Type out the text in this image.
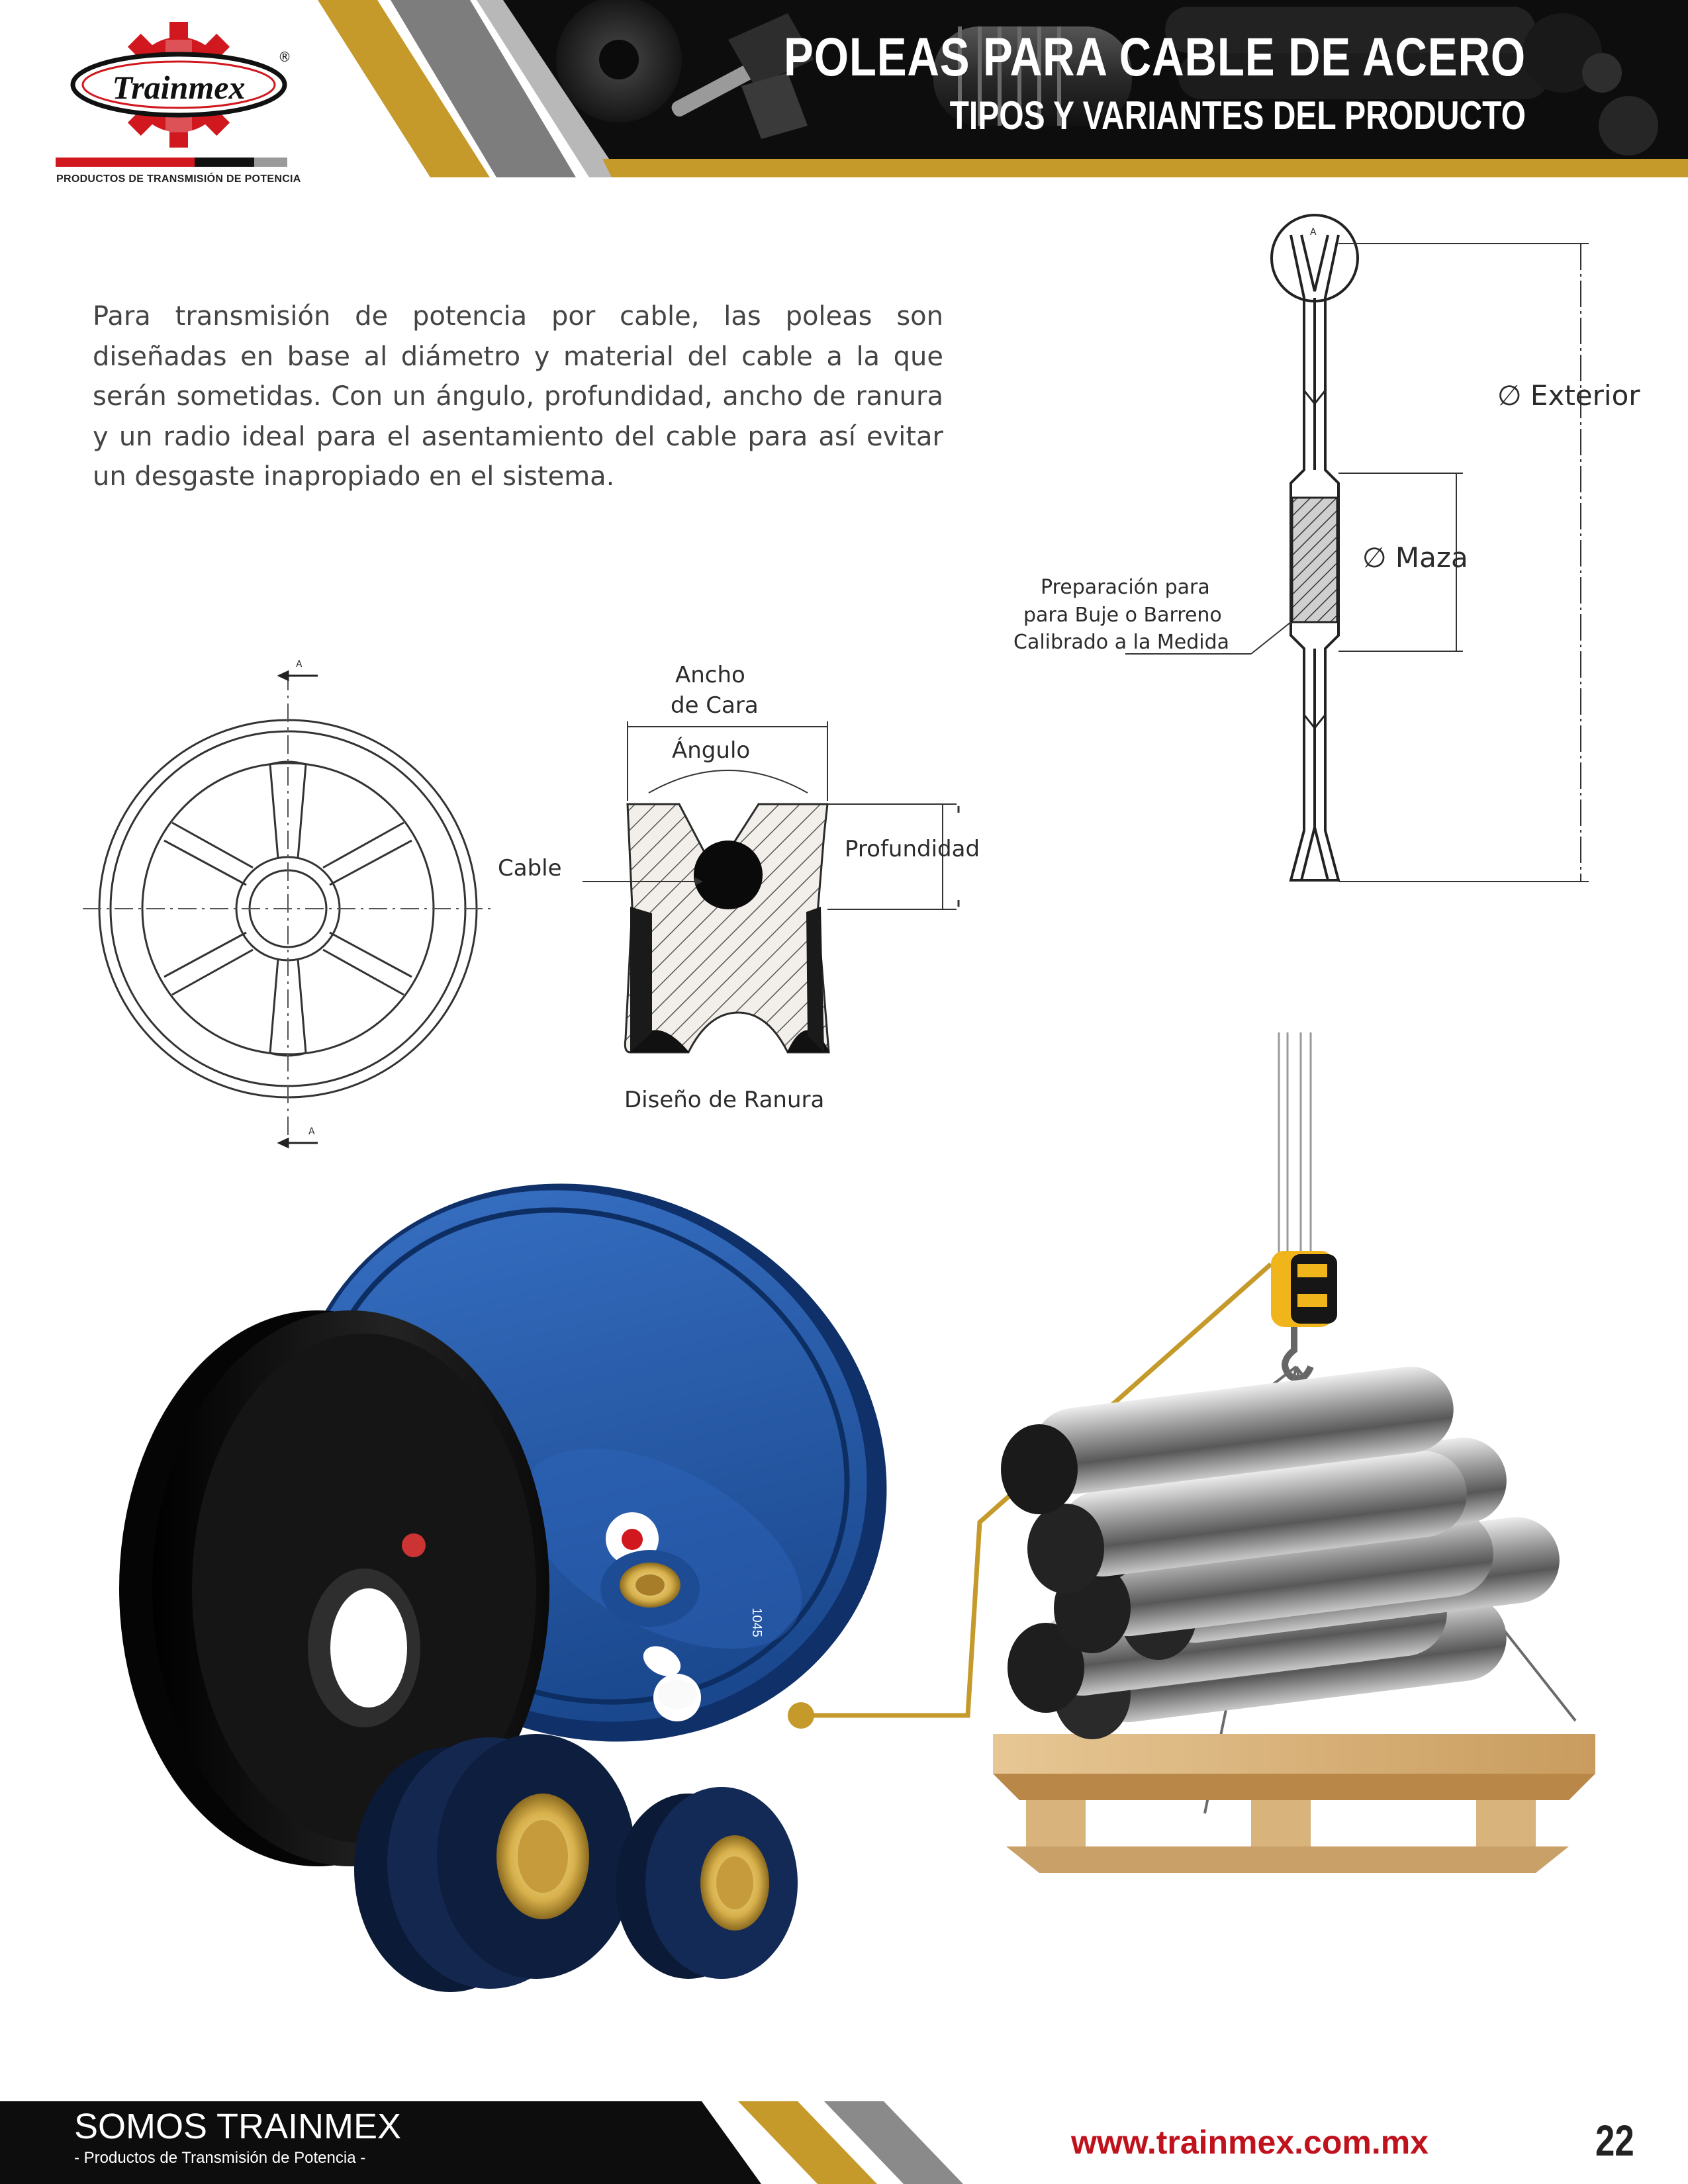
POLEAS PARA CABLE DE ACERO
TIPOS Y VARIANTES DEL PRODUCTO
Trainmex
®
PRODUCTOS DE TRANSMISIÓN DE POTENCIA
Para transmisión de potencia por cable, las poleas son diseñadas en base al diámetro y material del cable a la que serán sometidas. Con un ángulo, profundidad, ancho de ranura y un radio ideal para el asentamiento del cable para así evitar un desgaste inapropiado en el sistema.
A
A
Ancho
de Cara
Ángulo
Profundidad
Cable
Diseño de Ranura
A
∅ Exterior
∅ Maza
Preparación para
para Buje o Barreno
Calibrado a la Medida
1045
SOMOS TRAINMEX
- Productos de Transmisión de Potencia -	www.trainmex.com.mx	22
